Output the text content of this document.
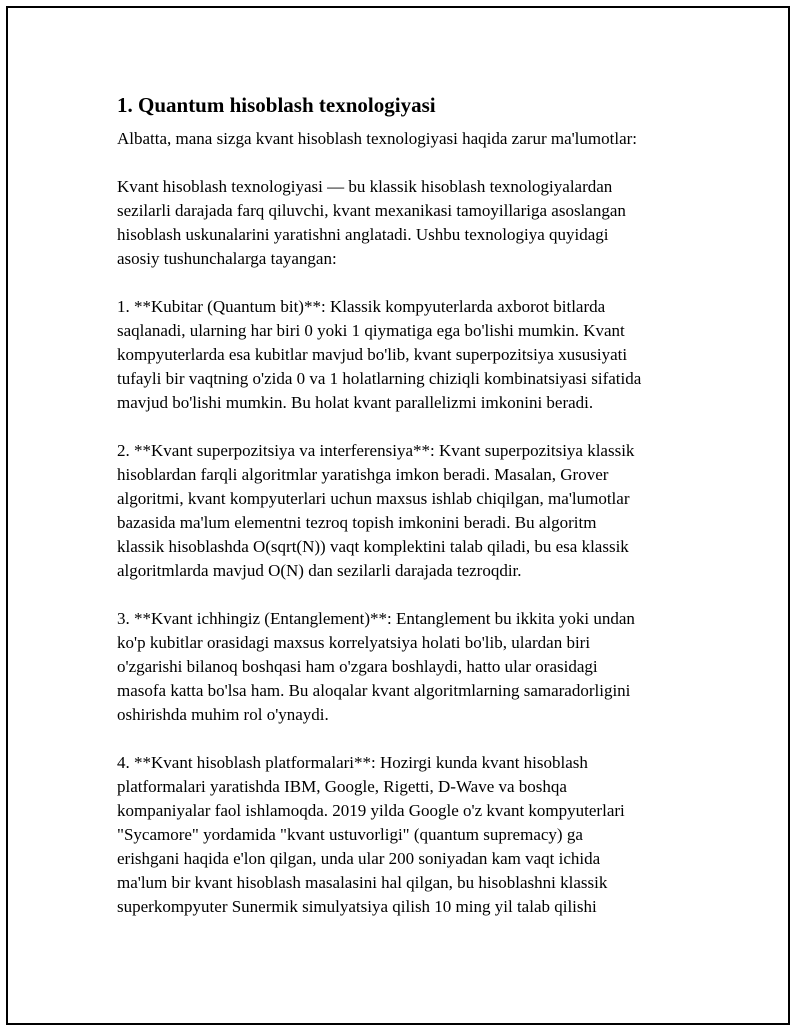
1. Quantum hisoblash texnologiyasi
Albatta, mana sizga kvant hisoblash texnologiyasi haqida zarur ma'lumotlar:
Kvant hisoblash texnologiyasi — bu klassik hisoblash texnologiyalardan
sezilarli darajada farq qiluvchi, kvant mexanikasi tamoyillariga asoslangan
hisoblash uskunalarini yaratishni anglatadi. Ushbu texnologiya quyidagi
asosiy tushunchalarga tayangan:
1. **Kubitar (Quantum bit)**: Klassik kompyuterlarda axborot bitlarda
saqlanadi, ularning har biri 0 yoki 1 qiymatiga ega bo'lishi mumkin. Kvant
kompyuterlarda esa kubitlar mavjud bo'lib, kvant superpozitsiya xususiyati
tufayli bir vaqtning o'zida 0 va 1 holatlarning chiziqli kombinatsiyasi sifatida
mavjud bo'lishi mumkin. Bu holat kvant parallelizmi imkonini beradi.
2. **Kvant superpozitsiya va interferensiya**: Kvant superpozitsiya klassik
hisoblardan farqli algoritmlar yaratishga imkon beradi. Masalan, Grover
algoritmi, kvant kompyuterlari uchun maxsus ishlab chiqilgan, ma'lumotlar
bazasida ma'lum elementni tezroq topish imkonini beradi. Bu algoritm
klassik hisoblashda O(sqrt(N)) vaqt komplektini talab qiladi, bu esa klassik
algoritmlarda mavjud O(N) dan sezilarli darajada tezroqdir.
3. **Kvant ichhingiz (Entanglement)**: Entanglement bu ikkita yoki undan
ko'p kubitlar orasidagi maxsus korrelyatsiya holati bo'lib, ulardan biri
o'zgarishi bilanoq boshqasi ham o'zgara boshlaydi, hatto ular orasidagi
masofa katta bo'lsa ham. Bu aloqalar kvant algoritmlarning samaradorligini
oshirishda muhim rol o'ynaydi.
4. **Kvant hisoblash platformalari**: Hozirgi kunda kvant hisoblash
platformalari yaratishda IBM, Google, Rigetti, D-Wave va boshqa
kompaniyalar faol ishlamoqda. 2019 yilda Google o'z kvant kompyuterlari
"Sycamore" yordamida "kvant ustuvorligi" (quantum supremacy) ga
erishgani haqida e'lon qilgan, unda ular 200 soniyadan kam vaqt ichida
ma'lum bir kvant hisoblash masalasini hal qilgan, bu hisoblashni klassik
superkompyuter Sunermik simulyatsiya qilish 10 ming yil talab qilishi
